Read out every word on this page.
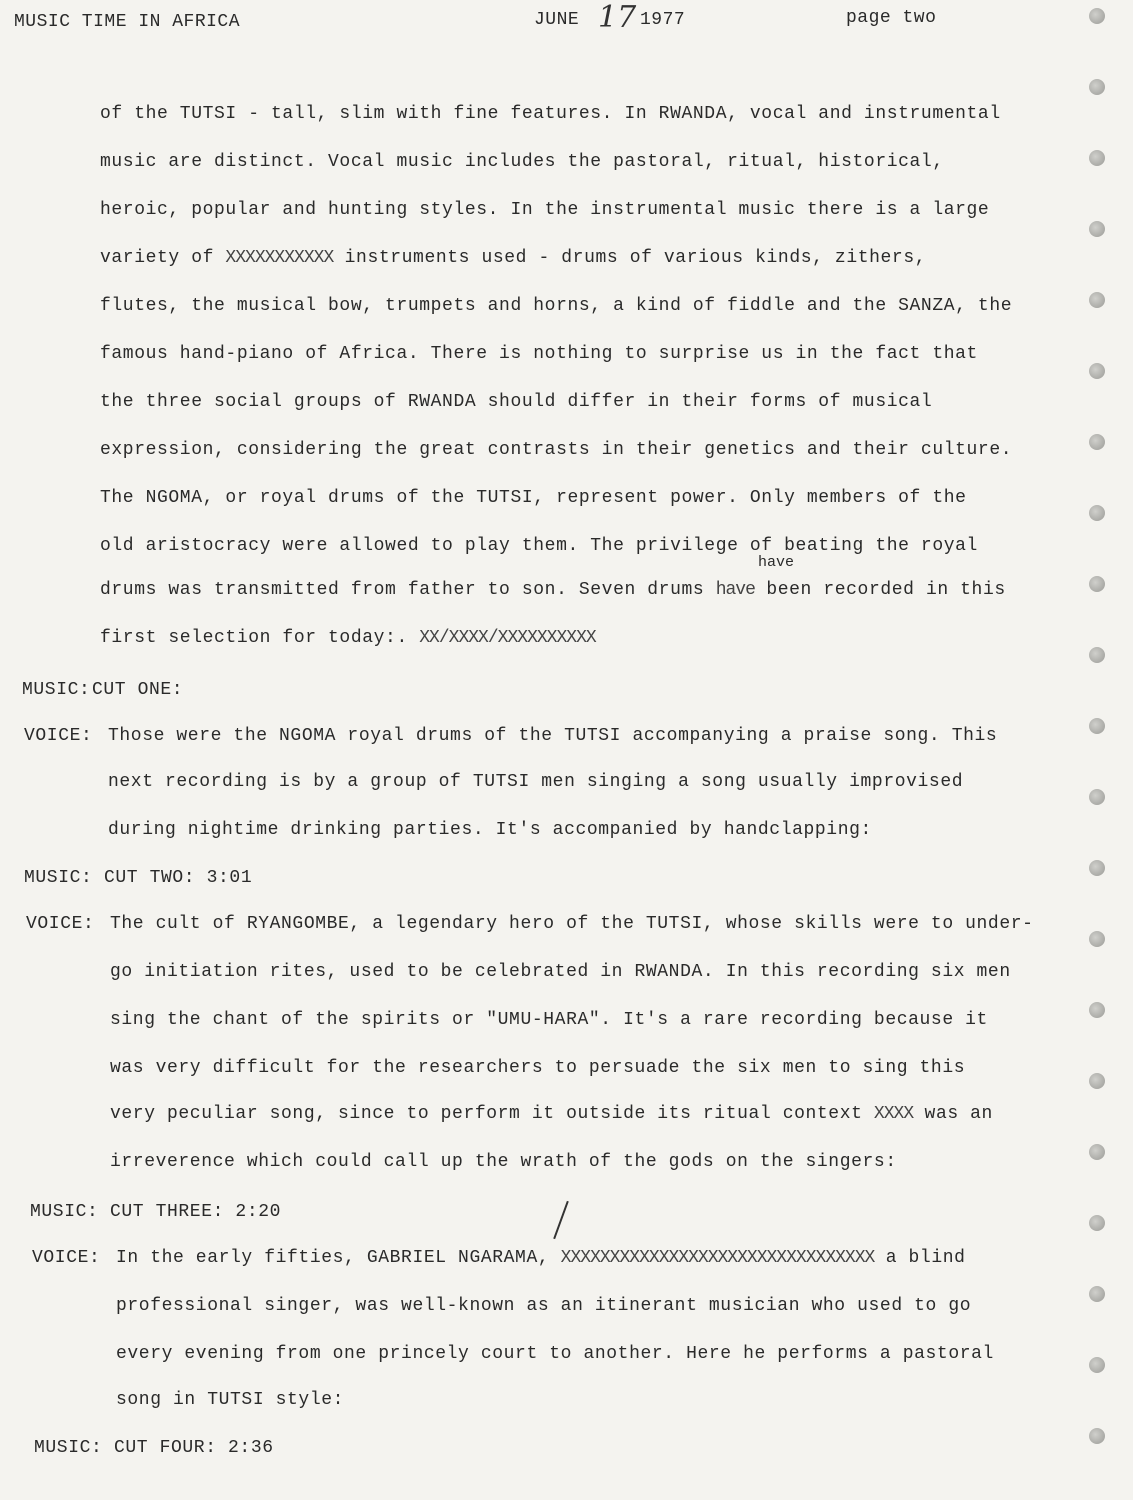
MUSIC TIME IN AFRICA	JUNE 17 1977	page two
of the TUTSI - tall, slim with fine features. In RWANDA, vocal and instrumental
music are distinct. Vocal music includes the pastoral, ritual, historical,
heroic, popular and hunting styles. In the instrumental music there is a large
variety of XXXXXXXXXXX instruments used - drums of various kinds, zithers,
flutes, the musical bow, trumpets and horns, a kind of fiddle and the SANZA, the
famous hand-piano of Africa. There is nothing to surprise us in the fact that
the three social groups of RWANDA should differ in their forms of musical
expression, considering the great contrasts in their genetics and their culture.
The NGOMA, or royal drums of the TUTSI, represent power. Only members of the
old aristocracy were allowed to play them. The privilege of beating the royal
drums was transmitted from father to son. Seven drums have been recorded in this
first selection for today:. XX/XXXX/XXXXXXXXXX
MUSIC: CUT ONE:
VOICE: Those were the NGOMA royal drums of the TUTSI accompanying a praise song. This
next recording is by a group of TUTSI men singing a song usually improvised
during nightime drinking parties. It's accompanied by handclapping:
MUSIC: CUT TWO: 3:01
VOICE: The cult of RYANGOMBE, a legendary hero of the TUTSI, whose skills were to under-
go initiation rites, used to be celebrated in RWANDA. In this recording six men
sing the chant of the spirits or "UMU-HARA". It's a rare recording because it
was very difficult for the researchers to persuade the six men to sing this
very peculiar song, since to perform it outside its ritual context XXXX was an
irreverence which could call up the wrath of the gods on the singers:
MUSIC: CUT THREE: 2:20
VOICE: In the early fifties, GABRIEL NGARAMA, XXXXXXXXXXXXXXXXXXXXXXXXXXXXXXXX a blind
professional singer, was well-known as an itinerant musician who used to go
every evening from one princely court to another. Here he performs a pastoral
song in TUTSI style:
MUSIC: CUT FOUR: 2:36
have
